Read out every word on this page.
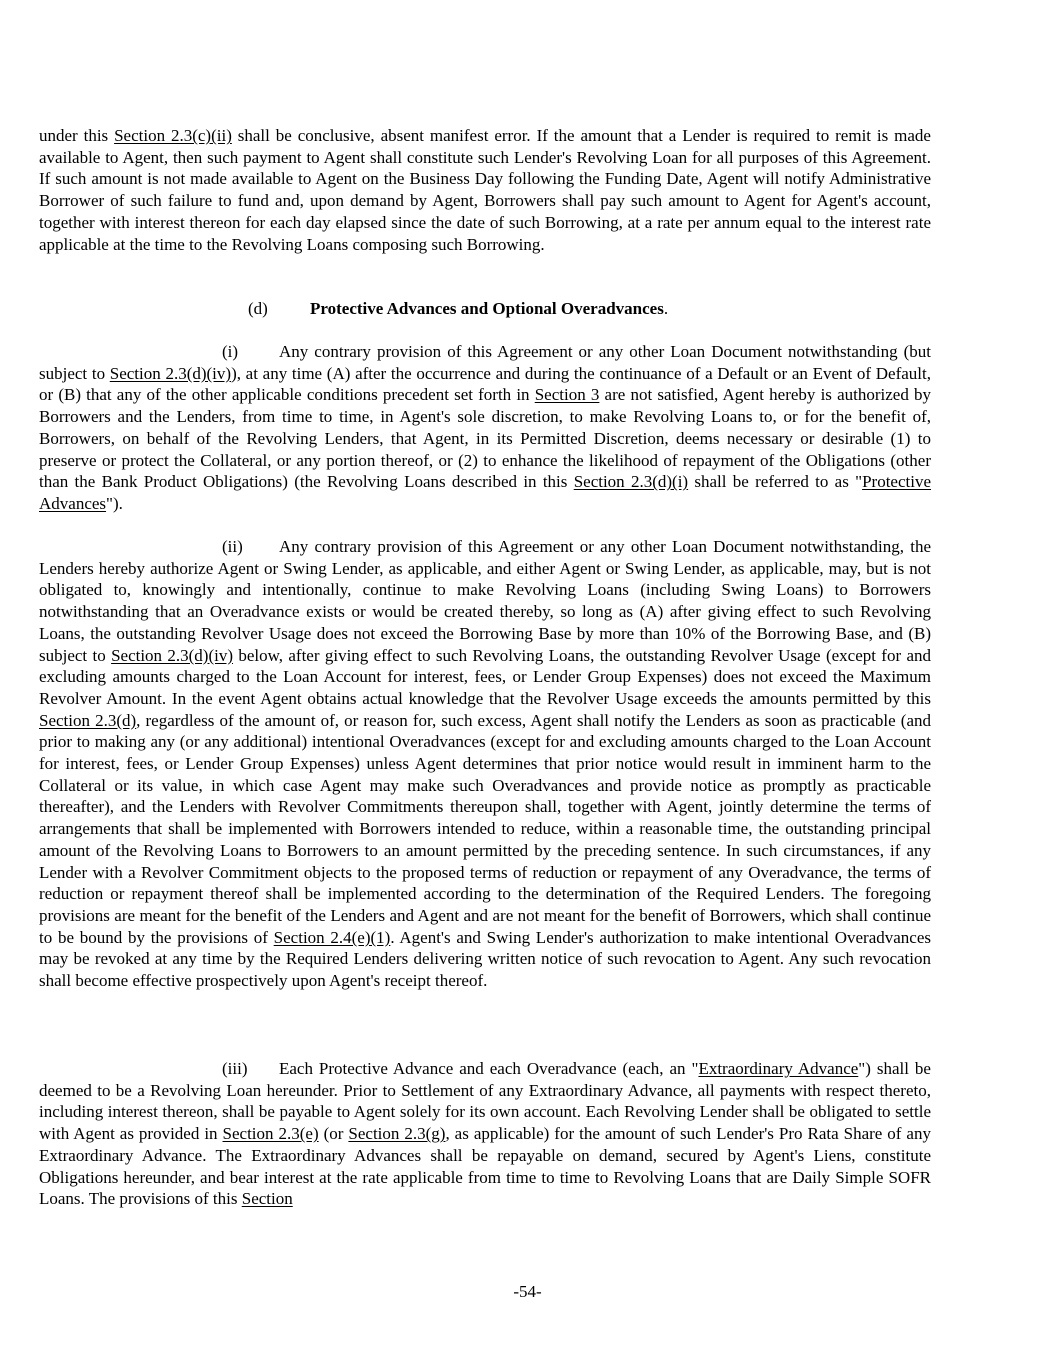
under this Section 2.3(c)(ii) shall be conclusive, absent manifest error. If the amount that a Lender is required to remit is made available to Agent, then such payment to Agent shall constitute such Lender's Revolving Loan for all purposes of this Agreement. If such amount is not made available to Agent on the Business Day following the Funding Date, Agent will notify Administrative Borrower of such failure to fund and, upon demand by Agent, Borrowers shall pay such amount to Agent for Agent's account, together with interest thereon for each day elapsed since the date of such Borrowing, at a rate per annum equal to the interest rate applicable at the time to the Revolving Loans composing such Borrowing.

(d) Protective Advances and Optional Overadvances.

(i) Any contrary provision of this Agreement or any other Loan Document notwithstanding (but subject to Section 2.3(d)(iv)), at any time (A) after the occurrence and during the continuance of a Default or an Event of Default, or (B) that any of the other applicable conditions precedent set forth in Section 3 are not satisfied, Agent hereby is authorized by Borrowers and the Lenders, from time to time, in Agent's sole discretion, to make Revolving Loans to, or for the benefit of, Borrowers, on behalf of the Revolving Lenders, that Agent, in its Permitted Discretion, deems necessary or desirable (1) to preserve or protect the Collateral, or any portion thereof, or (2) to enhance the likelihood of repayment of the Obligations (other than the Bank Product Obligations) (the Revolving Loans described in this Section 2.3(d)(i) shall be referred to as "Protective Advances").

(ii) Any contrary provision of this Agreement or any other Loan Document notwithstanding, the Lenders hereby authorize Agent or Swing Lender, as applicable, and either Agent or Swing Lender, as applicable, may, but is not obligated to, knowingly and intentionally, continue to make Revolving Loans (including Swing Loans) to Borrowers notwithstanding that an Overadvance exists or would be created thereby, so long as (A) after giving effect to such Revolving Loans, the outstanding Revolver Usage does not exceed the Borrowing Base by more than 10% of the Borrowing Base, and (B) subject to Section 2.3(d)(iv) below, after giving effect to such Revolving Loans, the outstanding Revolver Usage (except for and excluding amounts charged to the Loan Account for interest, fees, or Lender Group Expenses) does not exceed the Maximum Revolver Amount. In the event Agent obtains actual knowledge that the Revolver Usage exceeds the amounts permitted by this Section 2.3(d), regardless of the amount of, or reason for, such excess, Agent shall notify the Lenders as soon as practicable (and prior to making any (or any additional) intentional Overadvances (except for and excluding amounts charged to the Loan Account for interest, fees, or Lender Group Expenses) unless Agent determines that prior notice would result in imminent harm to the Collateral or its value, in which case Agent may make such Overadvances and provide notice as promptly as practicable thereafter), and the Lenders with Revolver Commitments thereupon shall, together with Agent, jointly determine the terms of arrangements that shall be implemented with Borrowers intended to reduce, within a reasonable time, the outstanding principal amount of the Revolving Loans to Borrowers to an amount permitted by the preceding sentence. In such circumstances, if any Lender with a Revolver Commitment objects to the proposed terms of reduction or repayment of any Overadvance, the terms of reduction or repayment thereof shall be implemented according to the determination of the Required Lenders. The foregoing provisions are meant for the benefit of the Lenders and Agent and are not meant for the benefit of Borrowers, which shall continue to be bound by the provisions of Section 2.4(e)(1). Agent's and Swing Lender's authorization to make intentional Overadvances may be revoked at any time by the Required Lenders delivering written notice of such revocation to Agent. Any such revocation shall become effective prospectively upon Agent's receipt thereof.

(iii) Each Protective Advance and each Overadvance (each, an "Extraordinary Advance") shall be deemed to be a Revolving Loan hereunder. Prior to Settlement of any Extraordinary Advance, all payments with respect thereto, including interest thereon, shall be payable to Agent solely for its own account. Each Revolving Lender shall be obligated to settle with Agent as provided in Section 2.3(e) (or Section 2.3(g), as applicable) for the amount of such Lender's Pro Rata Share of any Extraordinary Advance. The Extraordinary Advances shall be repayable on demand, secured by Agent's Liens, constitute Obligations hereunder, and bear interest at the rate applicable from time to time to Revolving Loans that are Daily Simple SOFR Loans. The provisions of this Section

-54-
